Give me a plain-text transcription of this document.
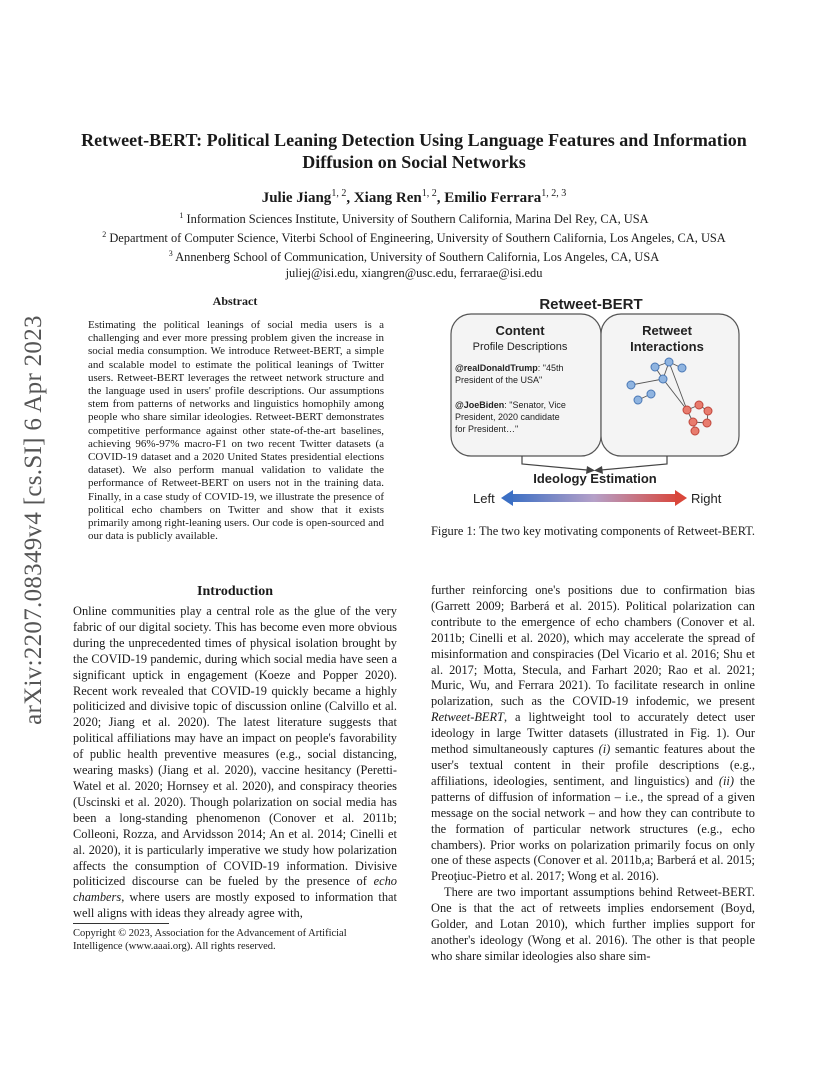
arXiv:2207.08349v4 [cs.SI] 6 Apr 2023
Retweet-BERT: Political Leaning Detection Using Language Features and Information Diffusion on Social Networks
Julie Jiang$^{1, 2}$, Xiang Ren$^{1, 2}$, Emilio Ferrara$^{1, 2, 3}$
$^1$ Information Sciences Institute, University of Southern California, Marina Del Rey, CA, USA
$^2$ Department of Computer Science, Viterbi School of Engineering, University of Southern California, Los Angeles, CA, USA
$^3$ Annenberg School of Communication, University of Southern California, Los Angeles, CA, USA
juliej@isi.edu, xiangren@usc.edu, ferrarae@isi.edu
Abstract
Estimating the political leanings of social media users is a challenging and ever more pressing problem given the increase in social media consumption. We introduce Retweet-BERT, a simple and scalable model to estimate the political leanings of Twitter users. Retweet-BERT leverages the retweet network structure and the language used in users' profile descriptions. Our assumptions stem from patterns of networks and linguistics homophily among people who share similar ideologies. Retweet-BERT demonstrates competitive performance against other state-of-the-art baselines, achieving 96%-97% macro-F1 on two recent Twitter datasets (a COVID-19 dataset and a 2020 United States presidential elections dataset). We also perform manual validation to validate the performance of Retweet-BERT on users not in the training data. Finally, in a case study of COVID-19, we illustrate the presence of political echo chambers on Twitter and show that it exists primarily among right-leaning users. Our code is open-sourced and our data is publicly available.
Introduction

Online communities play a central role as the glue of the very fabric of our digital society. This has become even more obvious during the unprecedented times of physical isolation brought by the COVID-19 pandemic, during which social media have seen a significant uptick in engagement (Koeze and Popper 2020). Recent work revealed that COVID-19 quickly became a highly politicized and divisive topic of discussion online (Calvillo et al. 2020; Jiang et al. 2020). The latest literature suggests that political affiliations may have an impact on people's favorability of public health preventive measures (e.g., social distancing, wearing masks) (Jiang et al. 2020), vaccine hesitancy (Peretti-Watel et al. 2020; Hornsey et al. 2020), and conspiracy theories (Uscinski et al. 2020). Though polarization on social media has been a long-standing phenomenon (Conover et al. 2011b; Colleoni, Rozza, and Arvidsson 2014; An et al. 2014; Cinelli et al. 2020), it is particularly imperative we study how polarization affects the consumption of COVID-19 information. Divisive politicized discourse can be fueled by the presence of echo chambers, where users are mostly exposed to information that well aligns with ideas they already agree with,

Copyright © 2023, Association for the Advancement of Artificial Intelligence (www.aaai.org). All rights reserved.
Retweet-BERT
Content
Profile Descriptions
@realDonaldTrump: "45th
President of the USA"
@JoeBiden: "Senator, Vice
President, 2020 candidate
for President…"
Retweet
Interactions
Ideology Estimation
Left	Right
Figure 1: The two key motivating components of Retweet-BERT.

further reinforcing one's positions due to confirmation bias (Garrett 2009; Barberá et al. 2015). Political polarization can contribute to the emergence of echo chambers (Conover et al. 2011b; Cinelli et al. 2020), which may accelerate the spread of misinformation and conspiracies (Del Vicario et al. 2016; Shu et al. 2017; Motta, Stecula, and Farhart 2020; Rao et al. 2021; Muric, Wu, and Ferrara 2021). To facilitate research in online polarization, such as the COVID-19 infodemic, we present Retweet-BERT, a lightweight tool to accurately detect user ideology in large Twitter datasets (illustrated in Fig. 1). Our method simultaneously captures (i) semantic features about the user's textual content in their profile descriptions (e.g., affiliations, ideologies, sentiment, and linguistics) and (ii) the patterns of diffusion of information – i.e., the spread of a given message on the social network – and how they can contribute to the formation of particular network structures (e.g., echo chambers). Prior works on polarization primarily focus on only one of these aspects (Conover et al. 2011b,a; Barberá et al. 2015; Preoţiuc-Pietro et al. 2017; Wong et al. 2016).

There are two important assumptions behind Retweet-BERT. One is that the act of retweets implies endorsement (Boyd, Golder, and Lotan 2010), which further implies support for another's ideology (Wong et al. 2016). The other is that people who share similar ideologies also share sim-
